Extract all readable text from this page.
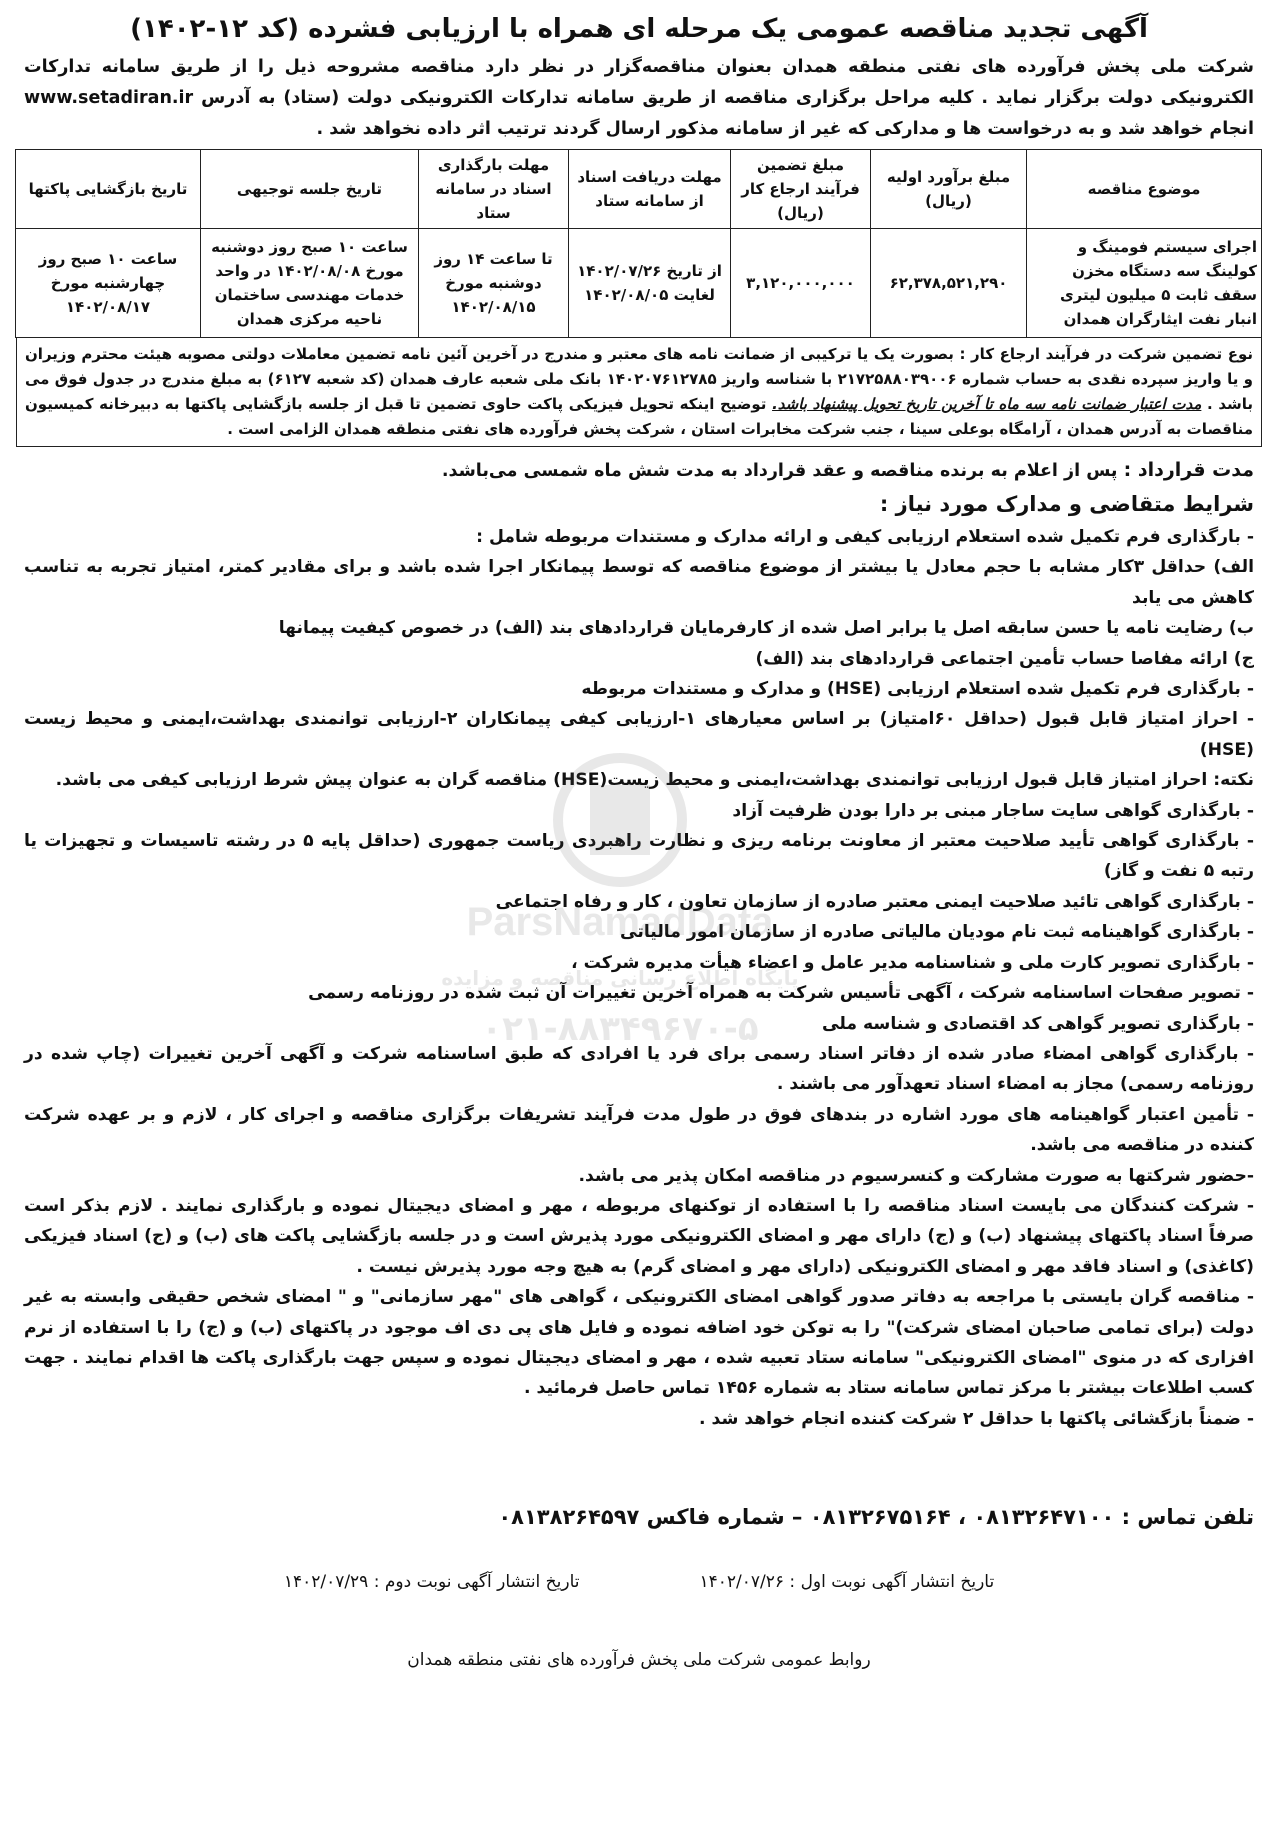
آگهی تجدید مناقصه عمومی یک مرحله ای همراه با ارزیابی فشرده (کد ۱۲-۱۴۰۲)
شرکت ملی پخش فرآورده های نفتی منطقه همدان بعنوان مناقصه‌گزار در نظر دارد مناقصه مشروحه ذیل را از طریق سامانه تدارکات الکترونیکی دولت برگزار نماید . کلیه مراحل برگزاری مناقصه از طریق سامانه تدارکات الکترونیکی دولت (ستاد) به آدرس www.setadiran.ir انجام خواهد شد و به درخواست ها و مدارکی که غیر از سامانه مذکور ارسال گردند ترتیب اثر داده نخواهد شد .
موضوع مناقصه	مبلغ برآورد اولیه (ریال)	مبلغ تضمین فرآیند ارجاع کار (ریال)	مهلت دریافت اسناد از سامانه ستاد	مهلت بارگذاری اسناد در سامانه ستاد	تاریخ جلسه توجیهی	تاریخ بازگشایی پاکتها
اجرای سیستم فومینگ و کولینگ سه دستگاه مخزن سقف ثابت ۵ میلیون لیتری انبار نفت ایثارگران همدان	۶۲,۳۷۸,۵۲۱,۲۹۰	۳,۱۲۰,۰۰۰,۰۰۰	از تاریخ ۱۴۰۲/۰۷/۲۶ لغایت ۱۴۰۲/۰۸/۰۵	تا ساعت ۱۴ روز دوشنبه مورخ ۱۴۰۲/۰۸/۱۵	ساعت ۱۰ صبح روز دوشنبه مورخ ۱۴۰۲/۰۸/۰۸ در واحد خدمات مهندسی ساختمان ناحیه مرکزی همدان	ساعت ۱۰ صبح روز چهارشنبه مورخ ۱۴۰۲/۰۸/۱۷
نوع تضمین شرکت در فرآیند ارجاع کار : بصورت یک یا ترکیبی از ضمانت نامه های معتبر و مندرج در آخرین آئین نامه تضمین معاملات دولتی مصوبه هیئت محترم وزیران و یا واریز سپرده نقدی به حساب شماره ۲۱۷۲۵۸۸۰۳۹۰۰۶ با شناسه واریز ۱۴۰۲۰۷۶۱۲۷۸۵ بانک ملی شعبه عارف همدان (کد شعبه ۶۱۲۷) به مبلغ مندرج در جدول فوق می باشد . مدت اعتبار ضمانت نامه سه ماه تا آخرین تاریخ تحویل پیشنهاد باشد. توضیح اینکه تحویل فیزیکی پاکت حاوی تضمین تا قبل از جلسه بازگشایی پاکتها به دبیرخانه کمیسیون مناقصات به آدرس همدان ، آرامگاه بوعلی سینا ، جنب شرکت مخابرات استان ، شرکت پخش فرآورده های نفتی منطقه همدان الزامی است .
مدت قرارداد : پس از اعلام به برنده مناقصه و عقد قرارداد به مدت شش ماه شمسی می‌باشد.
شرایط متقاضی و مدارک مورد نیاز :
- بارگذاری فرم تکمیل شده استعلام ارزیابی کیفی و ارائه مدارک و مستندات مربوطه شامل :
الف) حداقل ۳کار مشابه با حجم معادل یا بیشتر از موضوع مناقصه که توسط پیمانکار اجرا شده باشد و برای مقادیر کمتر، امتیاز تجربه به تناسب کاهش می یابد
ب) رضایت نامه یا حسن سابقه اصل یا برابر اصل شده از کارفرمایان قراردادهای بند (الف) در خصوص کیفیت پیمانها
ج) ارائه مفاصا حساب تأمین اجتماعی قراردادهای بند (الف)
- بارگذاری فرم تکمیل شده استعلام ارزیابی (HSE) و مدارک و مستندات مربوطه
- احراز امتیاز قابل قبول (حداقل ۶۰امتیاز) بر اساس معیارهای ۱-ارزیابی کیفی پیمانکاران ۲-ارزیابی توانمندی بهداشت،ایمنی و محیط زیست (HSE)
نکته: احراز امتیاز قابل قبول ارزیابی توانمندی بهداشت،ایمنی و محیط زیست(HSE) مناقصه گران به عنوان پیش شرط ارزیابی کیفی می باشد.
- بارگذاری گواهی سایت ساجار مبنی بر دارا بودن ظرفیت آزاد
- بارگذاری گواهی تأیید صلاحیت معتبر از معاونت برنامه ریزی و نظارت راهبردی ریاست جمهوری (حداقل پایه ۵ در رشته تاسیسات و تجهیزات یا رتبه ۵ نفت و گاز)
- بارگذاری گواهی تائید صلاحیت ایمنی معتبر صادره از سازمان تعاون ، کار و رفاه اجتماعی
- بارگذاری گواهینامه ثبت نام مودیان مالیاتی صادره از سازمان امور مالیاتی
- بارگذاری تصویر کارت ملی و شناسنامه مدیر عامل و اعضاء هیأت مدیره شرکت ،
- تصویر صفحات اساسنامه شرکت ، آگهی تأسیس شرکت به همراه آخرین تغییرات آن ثبت شده در روزنامه رسمی
- بارگذاری تصویر گواهی کد اقتصادی و شناسه ملی
- بارگذاری گواهی امضاء صادر شده از دفاتر اسناد رسمی برای فرد یا افرادی که طبق اساسنامه شرکت و آگهی آخرین تغییرات (چاپ شده در روزنامه رسمی) مجاز به امضاء اسناد تعهدآور می باشند .
- تأمین اعتبار گواهینامه های مورد اشاره در بندهای فوق در طول مدت فرآیند تشریفات برگزاری مناقصه و اجرای کار ، لازم و بر عهده شرکت کننده در مناقصه می باشد.
-حضور شرکتها به صورت مشارکت و کنسرسیوم در مناقصه امکان پذیر می باشد.
- شرکت کنندگان می بایست اسناد مناقصه را با استفاده از توکنهای مربوطه ، مهر و امضای دیجیتال نموده و بارگذاری نمایند . لازم بذکر است صرفاً اسناد پاکتهای پیشنهاد (ب) و (ج) دارای مهر و امضای الکترونیکی مورد پذیرش است و در جلسه بازگشایی پاکت های (ب) و (ج) اسناد فیزیکی (کاغذی) و اسناد فاقد مهر و امضای الکترونیکی (دارای مهر و امضای گرم) به هیچ وجه مورد پذیرش نیست .
- مناقصه گران بایستی با مراجعه به دفاتر صدور گواهی امضای الکترونیکی ، گواهی های "مهر سازمانی" و " امضای شخص حقیقی وابسته به غیر دولت (برای تمامی صاحبان امضای شرکت)" را به توکن خود اضافه نموده و فایل های پی دی اف موجود در پاکتهای (ب) و (ج) را با استفاده از نرم افزاری که در منوی "امضای الکترونیکی" سامانه ستاد تعبیه شده ، مهر و امضای دیجیتال نموده و سپس جهت بارگذاری پاکت ها اقدام نمایند . جهت کسب اطلاعات بیشتر با مرکز تماس سامانه ستاد به شماره ۱۴۵۶ تماس حاصل فرمائید .
- ضمناً بازگشائی پاکتها با حداقل ۲ شرکت کننده انجام خواهد شد .
تلفن تماس : ۰۸۱۳۲۶۴۷۱۰۰ ، ۰۸۱۳۲۶۷۵۱۶۴ – شماره فاکس ۰۸۱۳۸۲۶۴۵۹۷
تاریخ انتشار آگهی نوبت اول : ۱۴۰۲/۰۷/۲۶
تاریخ انتشار آگهی نوبت دوم : ۱۴۰۲/۰۷/۲۹
روابط عمومی شرکت ملی پخش فرآورده های نفتی منطقه همدان
ParsNamadData
پایگاه اطلاع رسانی مناقصه و مزایده
۰۲۱-۸۸۳۴۹۶۷۰-۵
